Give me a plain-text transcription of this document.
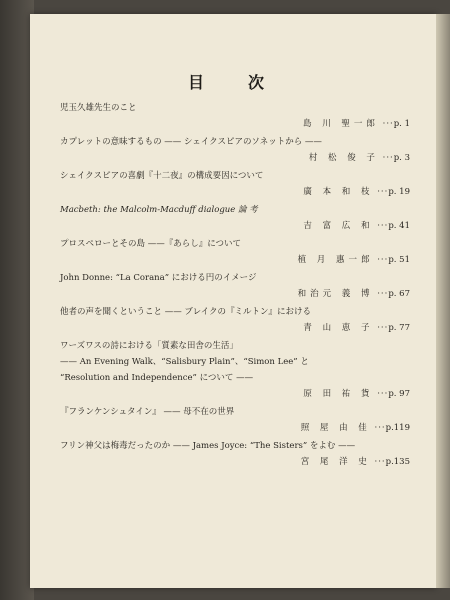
目　次
児玉久雄先生のこと
島 川 聖一郎 ···p. 1
カプレットの意味するもの —— シェイクスピアのソネットから ——
村 松 俊 子 ···p. 3
シェイクスピアの喜劇『十二夜』の構成要因について
廣 本 和 枝 ···p. 19
Macbeth: the Malcolm-Macduff dialogue 論 考
吉 富 広 和 ···p. 41
プロスペローとその島 ——『あらし』について
植 月 惠一郎 ···p. 51
John Donne: “La Corana” における円のイメージ
和治元 義 博 ···p. 67
他者の声を聞くということ —— ブレイクの『ミルトン』における
青 山 恵 子 ···p. 77
ワーズワスの詩における「質素な田舎の生活」
—— An Evening Walk、“Salisbury Plain”、“Simon Lee” と
“Resolution and Independence” について ——
原 田 祐 貨 ···p. 97
『フランケンシュタイン』 —— 母不在の世界
照 屋 由 佳 ···p.119
フリン神父は梅毒だったのか —— James Joyce: “The Sisters” をよむ ——
宮 尾 洋 史 ···p.135
